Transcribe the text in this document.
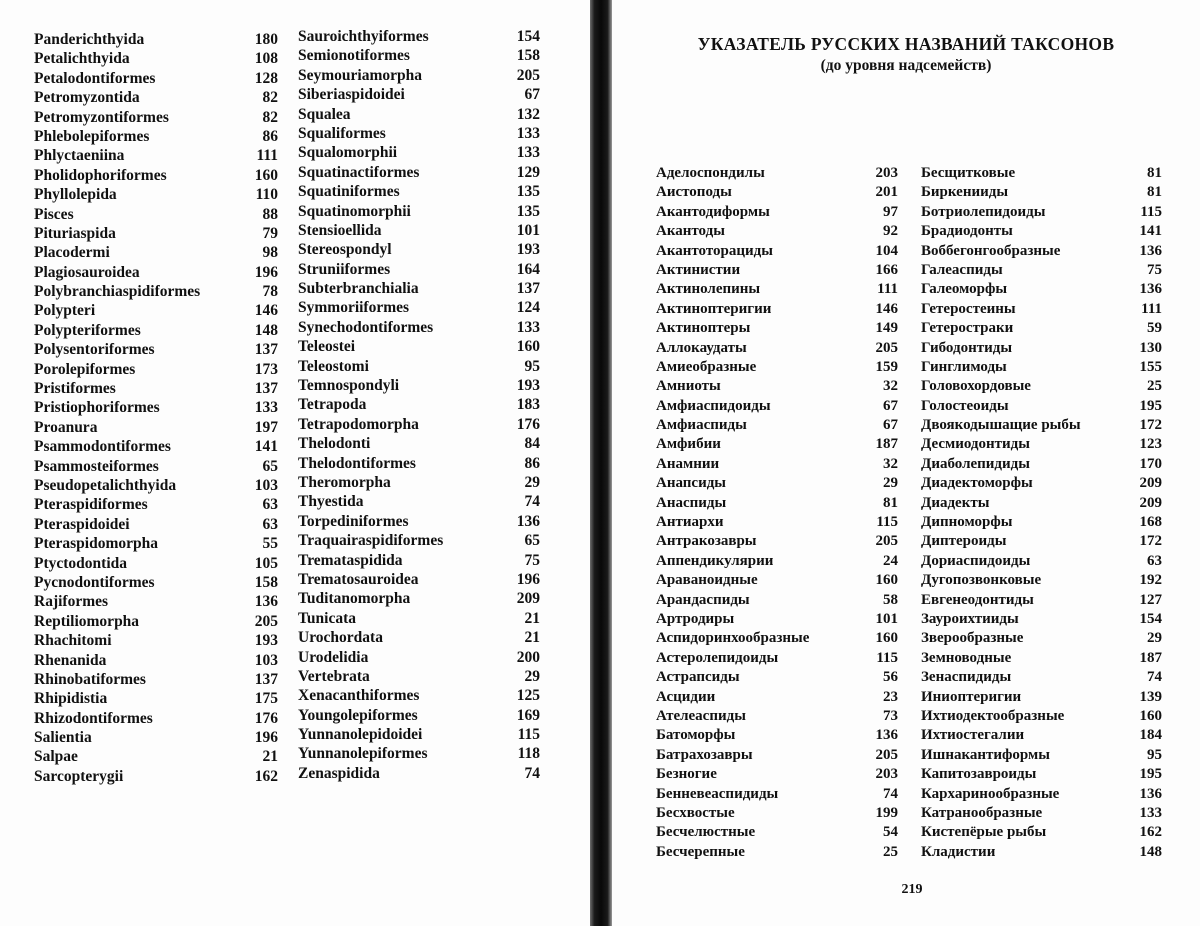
Panderichthyida	180
Petalichthyida	108
Petalodontiformes	128
Petromyzontida	82
Petromyzontiformes	82
Phlebolepiformes	86
Phlyctaeniina	111
Pholidophoriformes	160
Phyllolepida	110
Pisces	88
Pituriaspida	79
Placodermi	98
Plagiosauroidea	196
Polybranchiaspidiformes	78
Polypteri	146
Polypteriformes	148
Polysentoriformes	137
Porolepiformes	173
Pristiformes	137
Pristiophoriformes	133
Proanura	197
Psammodontiformes	141
Psammosteiformes	65
Pseudopetalichthyida	103
Pteraspidiformes	63
Pteraspidoidei	63
Pteraspidomorpha	55
Ptyctodontida	105
Pycnodontiformes	158
Rajiformes	136
Reptiliomorpha	205
Rhachitomi	193
Rhenanida	103
Rhinobatiformes	137
Rhipidistia	175
Rhizodontiformes	176
Salientia	196
Salpae	21
Sarcopterygii	162
Sauroichthyiformes	154
Semionotiformes	158
Seymouriamorpha	205
Siberiaspidoidei	67
Squalea	132
Squaliformes	133
Squalomorphii	133
Squatinactiformes	129
Squatiniformes	135
Squatinomorphii	135
Stensioellida	101
Stereospondyl	193
Struniiformes	164
Subterbranchialia	137
Symmoriiformes	124
Synechodontiformes	133
Teleostei	160
Teleostomi	95
Temnospondyli	193
Tetrapoda	183
Tetrapodomorpha	176
Thelodonti	84
Thelodontiformes	86
Theromorpha	29
Thyestida	74
Torpediniformes	136
Traquairaspidiformes	65
Tremataspidida	75
Trematosauroidea	196
Tuditanomorpha	209
Tunicata	21
Urochordata	21
Urodelidia	200
Vertebrata	29
Xenacanthiformes	125
Youngolepiformes	169
Yunnanolepidoidei	115
Yunnanolepiformes	118
Zenaspidida	74
УКАЗАТЕЛЬ РУССКИХ НАЗВАНИЙ ТАКСОНОВ
(до уровня надсемейств)
Аделоспондилы	203
Аистоподы	201
Акантодиформы	97
Акантоды	92
Акантоторациды	104
Актинистии	166
Актинолепины	111
Актиноптеригии	146
Актиноптеры	149
Аллокаудаты	205
Амиеобразные	159
Амниоты	32
Амфиаспидоиды	67
Амфиаспиды	67
Амфибии	187
Анамнии	32
Анапсиды	29
Анаспиды	81
Антиархи	115
Антракозавры	205
Аппендикулярии	24
Араваноидные	160
Арандаспиды	58
Артродиры	101
Аспидоринхообразные	160
Астеролепидоиды	115
Астрапсиды	56
Асцидии	23
Ателеаспиды	73
Батоморфы	136
Батрахозавры	205
Безногие	203
Бенневеаспидиды	74
Бесхвостые	199
Бесчелюстные	54
Бесчерепные	25
Бесщитковые	81
Биркенииды	81
Ботриолепидоиды	115
Брадиодонты	141
Воббегонгообразные	136
Галеаспиды	75
Галеоморфы	136
Гетеростеины	111
Гетеростраки	59
Гибодонтиды	130
Гинглимоды	155
Головохордовые	25
Голостеоиды	195
Двоякодышащие рыбы	172
Десмиодонтиды	123
Диаболепидиды	170
Диадектоморфы	209
Диадекты	209
Дипноморфы	168
Диптероиды	172
Дориаспидоиды	63
Дугопозвонковые	192
Евгенеодонтиды	127
Зауроихтииды	154
Зверообразные	29
Земноводные	187
Зенаспидиды	74
Иниоптеригии	139
Ихтиодектообразные	160
Ихтиостегалии	184
Ишнакантиформы	95
Капитозавроиды	195
Кархаринообразные	136
Катранообразные	133
Кистепёрые рыбы	162
Кладистии	148
219
